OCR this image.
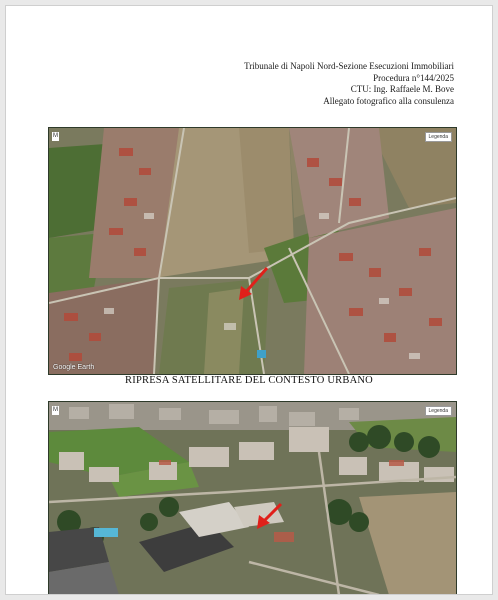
Tribunale di Napoli Nord-Sezione Esecuzioni Immobiliari
Procedura n°144/2025
CTU: Ing. Raffaele M. Bove
Allegato fotografico alla consulenza
M	Legenda
Google Earth
RIPRESA SATELLITARE DEL CONTESTO URBANO
M	Legenda
